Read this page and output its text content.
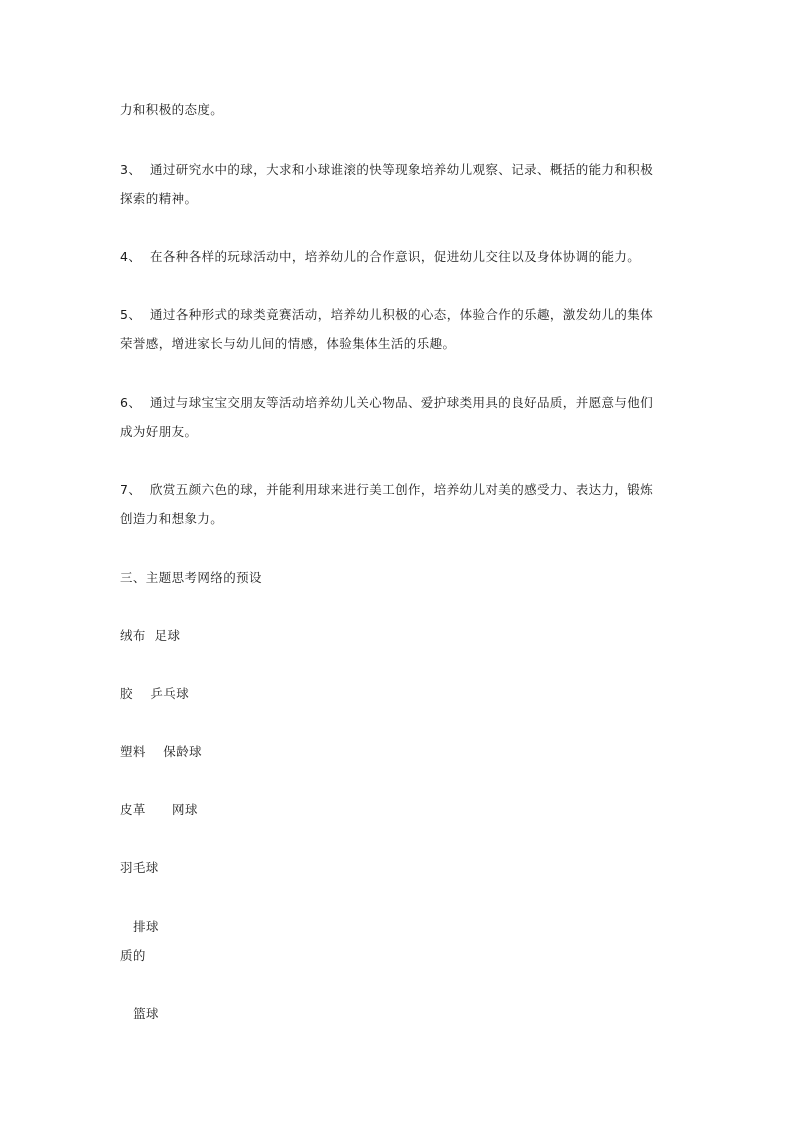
力和积极的态度。
3、 通过研究水中的球，大求和小球谁滚的快等现象培养幼儿观察、记录、概括的能力和积极
探索的精神。
4、 在各种各样的玩球活动中，培养幼儿的合作意识，促进幼儿交往以及身体协调的能力。
5、 通过各种形式的球类竟赛活动，培养幼儿积极的心态，体验合作的乐趣，激发幼儿的集体
荣誉感，增进家长与幼儿间的情感，体验集体生活的乐趣。
6、 通过与球宝宝交朋友等活动培养幼儿关心物品、爱护球类用具的良好品质，并愿意与他们
成为好朋友。
7、 欣赏五颜六色的球，并能利用球来进行美工创作，培养幼儿对美的感受力、表达力，锻炼
创造力和想象力。
三、主题思考网络的预设
绒布  足球
胶    乒乓球
塑料    保龄球
皮革      网球
羽毛球
排球
质的
篮球
